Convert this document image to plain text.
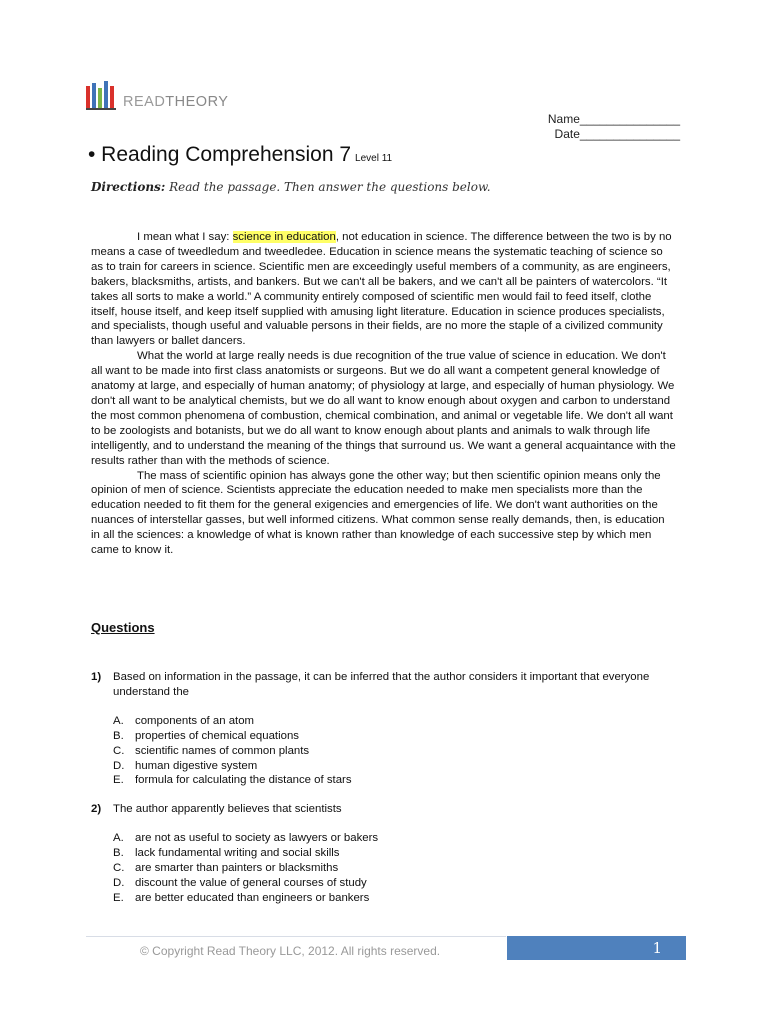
READTHEORY
Name_______________
Date_______________
• Reading Comprehension 7 Level 11
Directions: Read the passage. Then answer the questions below.

I mean what I say: science in education, not education in science. The difference between the two is by no means a case of tweedledum and tweedledee. Education in science means the systematic teaching of science so as to train for careers in science. Scientific men are exceedingly useful members of a community, as are engineers, bakers, blacksmiths, artists, and bankers. But we can't all be bakers, and we can't all be painters of watercolors. “It takes all sorts to make a world.” A community entirely composed of scientific men would fail to feed itself, clothe itself, house itself, and keep itself supplied with amusing light literature. Education in science produces specialists, and specialists, though useful and valuable persons in their fields, are no more the staple of a civilized community than lawyers or ballet dancers.

What the world at large really needs is due recognition of the true value of science in education. We don't all want to be made into first class anatomists or surgeons. But we do all want a competent general knowledge of anatomy at large, and especially of human anatomy; of physiology at large, and especially of human physiology. We don't all want to be analytical chemists, but we do all want to know enough about oxygen and carbon to understand the most common phenomena of combustion, chemical combination, and animal or vegetable life. We don't all want to be zoologists and botanists, but we do all want to know enough about plants and animals to walk through life intelligently, and to understand the meaning of the things that surround us. We want a general acquaintance with the results rather than with the methods of science.

The mass of scientific opinion has always gone the other way; but then scientific opinion means only the opinion of men of science. Scientists appreciate the education needed to make men specialists more than the education needed to fit them for the general exigencies and emergencies of life. We don't want authorities on the nuances of interstellar gasses, but well informed citizens. What common sense really demands, then, is education in all the sciences: a knowledge of what is known rather than knowledge of each successive step by which men came to know it.

Questions
1) Based on information in the passage, it can be inferred that the author considers it important that everyone understand the
A. components of an atom
B. properties of chemical equations
C. scientific names of common plants
D. human digestive system
E. formula for calculating the distance of stars
2) The author apparently believes that scientists
A. are not as useful to society as lawyers or bakers
B. lack fundamental writing and social skills
C. are smarter than painters or blacksmiths
D. discount the value of general courses of study
E. are better educated than engineers or bankers
© Copyright Read Theory LLC, 2012. All rights reserved.	1
